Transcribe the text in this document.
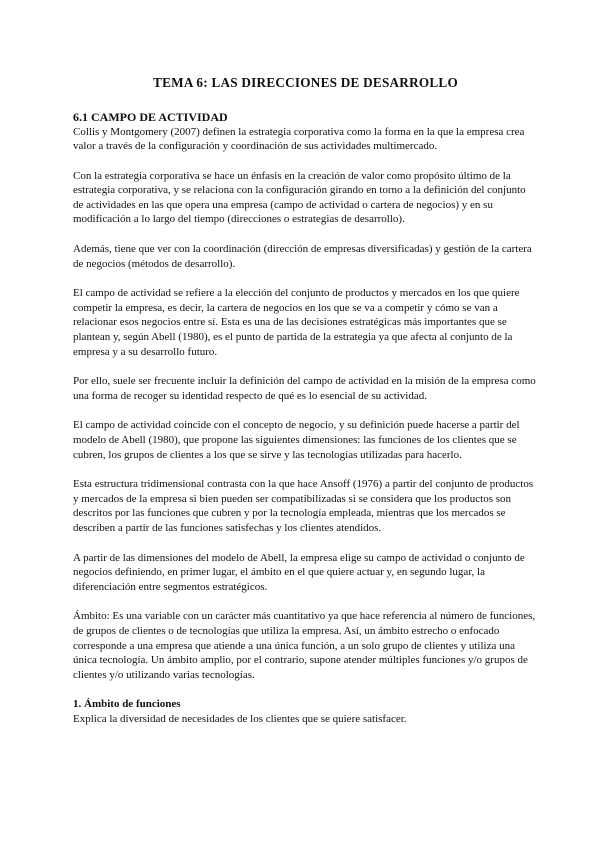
TEMA 6: LAS DIRECCIONES DE DESARROLLO
6.1 CAMPO DE ACTIVIDAD

Collis y Montgomery (2007) definen la estrategia corporativa como la forma en la que la empresa crea valor a través de la configuración y coordinación de sus actividades multimercado.

Con la estrategia corporativa se hace un énfasis en la creación de valor como propósito último de la estrategia corporativa, y se relaciona con la configuración girando en torno a la definición del conjunto de actividades en las que opera una empresa (campo de actividad o cartera de negocios) y en su modificación a lo largo del tiempo (direcciones o estrategias de desarrollo).

Además, tiene que ver con la coordinación (dirección de empresas diversificadas) y gestión de la cartera de negocios (métodos de desarrollo).

El campo de actividad se refiere a la elección del conjunto de productos y mercados en los que quiere competir la empresa, es decir, la cartera de negocios en los que se va a competir y cómo se van a relacionar esos negocios entre sí. Esta es una de las decisiones estratégicas más importantes que se plantean y, según Abell (1980), es el punto de partida de la estrategia ya que afecta al conjunto de la empresa y a su desarrollo futuro.

Por ello, suele ser frecuente incluir la definición del campo de actividad en la misión de la empresa como una forma de recoger su identidad respecto de qué es lo esencial de su actividad.

El campo de actividad coincide con el concepto de negocio, y su definición puede hacerse a partir del modelo de Abell (1980), que propone las siguientes dimensiones: las funciones de los clientes que se cubren, los grupos de clientes a los que se sirve y las tecnologías utilizadas para hacerlo.

Esta estructura tridimensional contrasta con la que hace Ansoff (1976) a partir del conjunto de productos y mercados de la empresa si bien pueden ser compatibilizadas si se considera que los productos son descritos por las funciones que cubren y por la tecnología empleada, mientras que los mercados se describen a partir de las funciones satisfechas y los clientes atendidos.

A partir de las dimensiones del modelo de Abell, la empresa elige su campo de actividad o conjunto de negocios definiendo, en primer lugar, el ámbito en el que quiere actuar y, en segundo lugar, la diferenciación entre segmentos estratégicos.

Ámbito: Es una variable con un carácter más cuantitativo ya que hace referencia al número de funciones, de grupos de clientes o de tecnologías que utiliza la empresa. Así, un ámbito estrecho o enfocado corresponde a una empresa que atiende a una única función, a un solo grupo de clientes y utiliza una única tecnología. Un ámbito amplio, por el contrario, supone atender múltiples funciones y/o grupos de clientes y/o utilizando varias tecnologías.

1. Ámbito de funciones

Explica la diversidad de necesidades de los clientes que se quiere satisfacer.
